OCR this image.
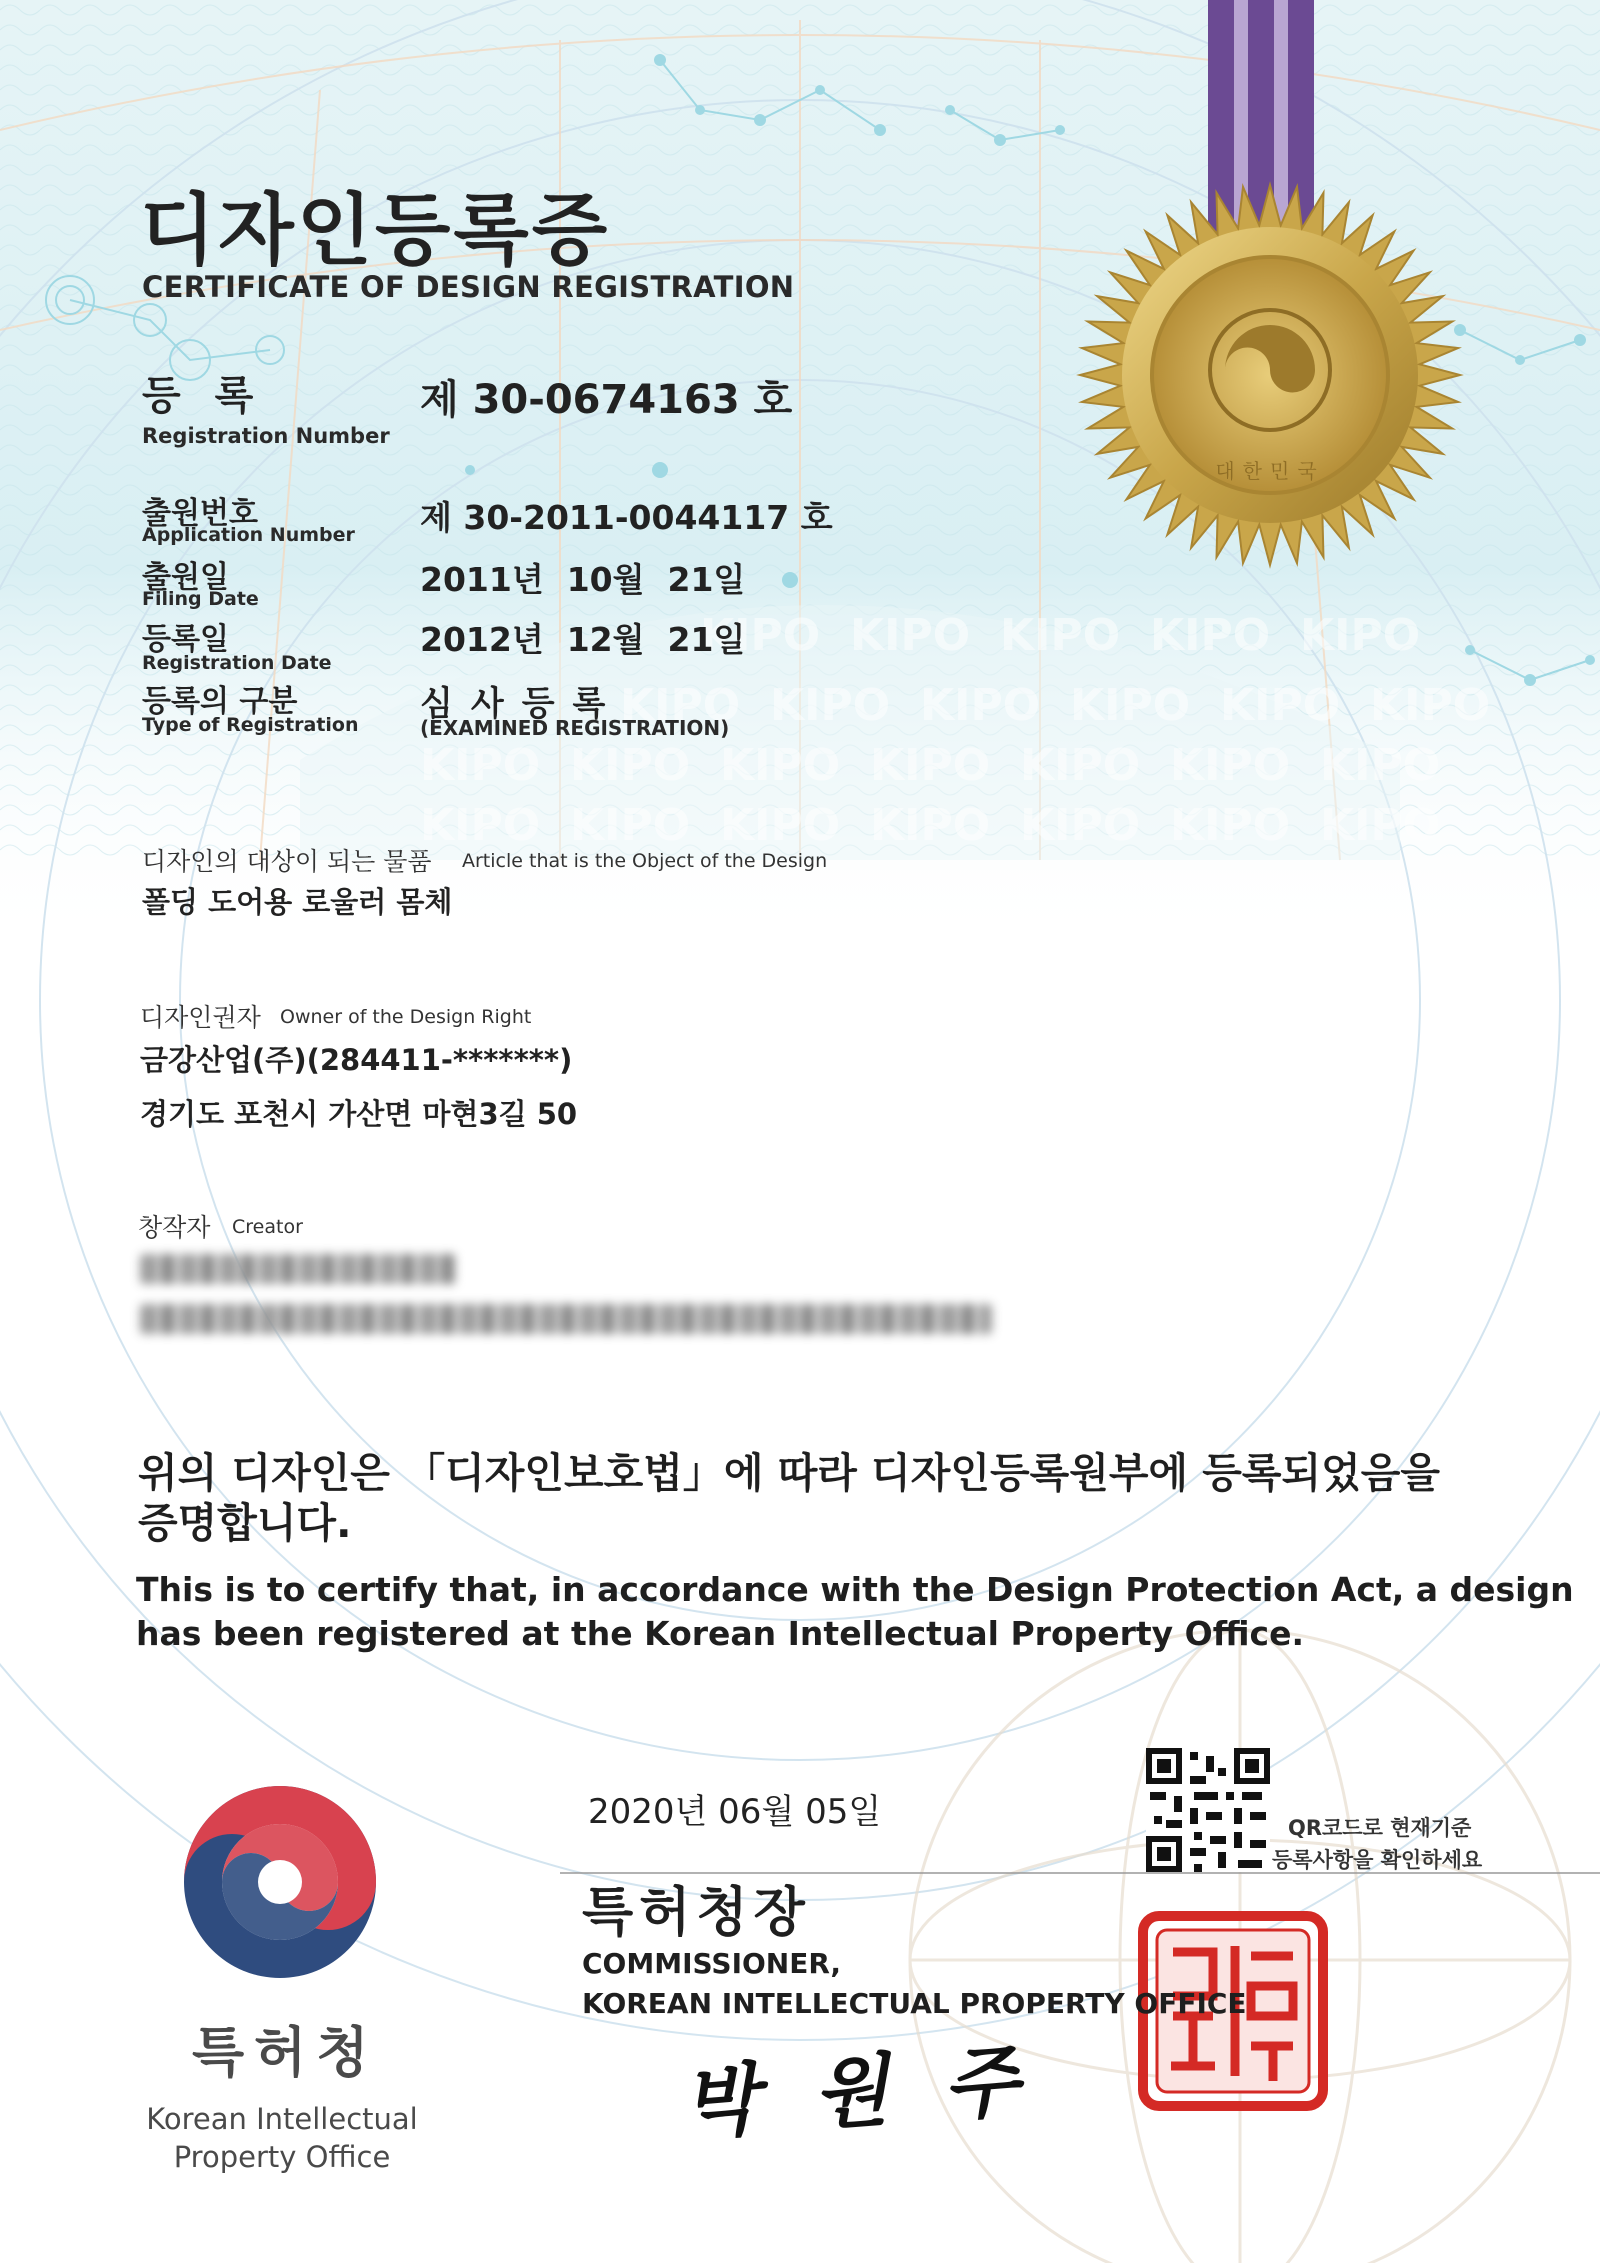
KIPO KIPO KIPO KIPO KIPO
KIPO KIPO KIPO KIPO KIPO KIPO
KIPO KIPO KIPO KIPO KIPO KIPO KIPO
KIPO KIPO KIPO KIPO KIPO KIPO KIPO
대한민국
디자인등록증
CERTIFICATE OF DESIGN REGISTRATION
등 록
Registration Number
제 30-0674163 호
출원번호
Application Number 제 30-2011-0044117 호
출원일
Filing Date	2011년  10월  21일
등록일
Registration Date
2012년  12월  21일
등록의 구분
Type of Registration
심사등록
(EXAMINED REGISTRATION)
디자인의 대상이 되는 물품 Article that is the Object of the Design
폴딩 도어용 로울러 몸체
디자인권자 Owner of the Design Right
금강산업(주)(284411-*******)
경기도 포천시 가산면 마현3길 50
창작자 Creator
위의 디자인은 「디자인보호법」에 따라 디자인등록원부에 등록되었음을
증명합니다.
This is to certify that, in accordance with the Design Protection Act, a design
has been registered at the Korean Intellectual Property Office.
2020년 06월 05일
특허청장
COMMISSIONER,
KOREAN INTELLECTUAL PROPERTY OFFICE
박 원 주
QR코드로 현재기준
등록사항을 확인하세요
특허청
Korean Intellectual
Property Office
